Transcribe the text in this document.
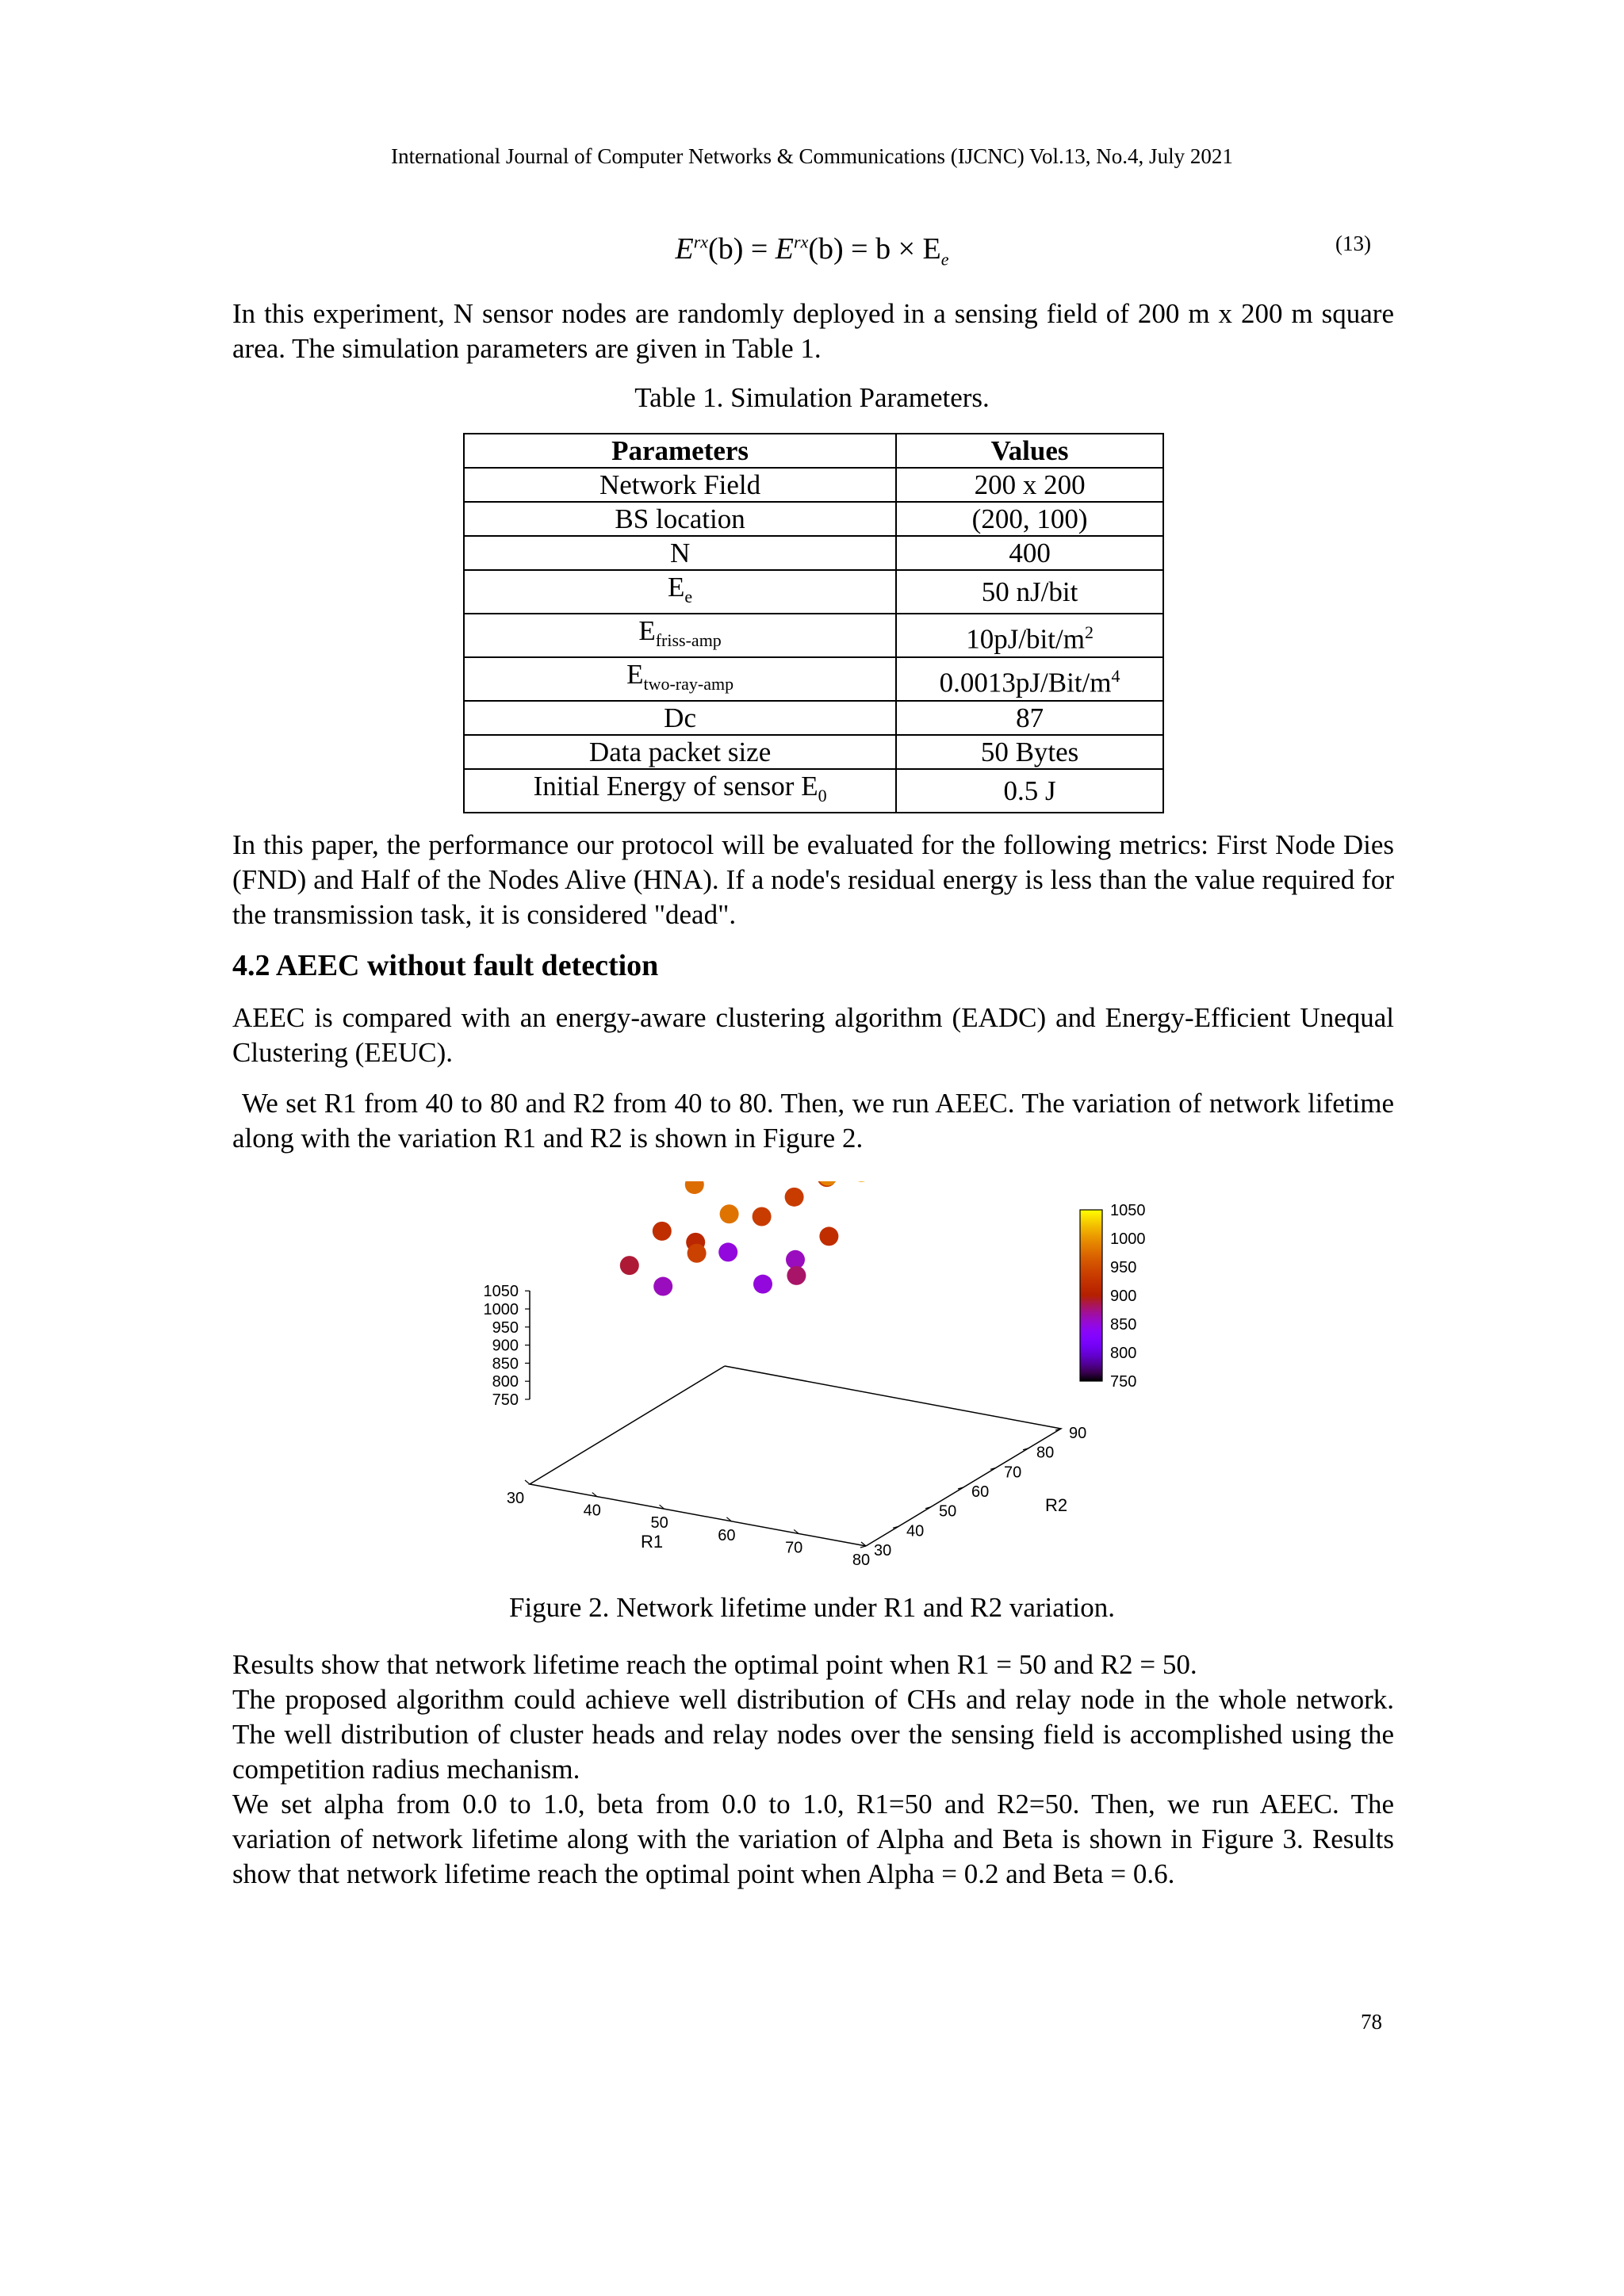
International Journal of Computer Networks & Communications (IJCNC) Vol.13, No.4, July 2021
$E^{rx}(b) = E^{rx}(b) = b \times E_e$
(13)
In this experiment, N sensor nodes are randomly deployed in a sensing field of 200 m x 200 m square area. The simulation parameters are given in Table 1.
Table 1. Simulation Parameters.
Parameters	Values
Network Field	200 x 200
BS location	(200, 100)
N	400
$E_e$	50 nJ/bit
$E_{friss-amp}$	$10pJ/bit/m^2$
$E_{two-ray-amp}$	$0.0013pJ/Bit/m^4$
Dc	87
Data packet size	50 Bytes
Initial Energy of sensor $E_0$	0.5 J
In this paper, the performance our protocol will be evaluated for the following metrics: First Node Dies (FND) and Half of the Nodes Alive (HNA). If a node's residual energy is less than the value required for the transmission task, it is considered "dead".
4.2 AEEC without fault detection
AEEC is compared with an energy-aware clustering algorithm (EADC) and Energy-Efficient Unequal Clustering (EEUC).
We set R1 from 40 to 80 and R2 from 40 to 80. Then, we run AEEC. The variation of network lifetime along with the variation R1 and R2 is shown in Figure 2.
750
800
850
900
950
1000
1050
30
40
50
60
70
80
R1	30
40
50
60
70
80
90
R2
1050
1000
950
900
850
800
750
Figure 2. Network lifetime under R1 and R2 variation.
Results show that network lifetime reach the optimal point when R1 = 50 and R2 = 50.
The proposed algorithm could achieve well distribution of CHs and relay node in the whole network. The well distribution of cluster heads and relay nodes over the sensing field is accomplished using the competition radius mechanism.
We set alpha from 0.0 to 1.0, beta from 0.0 to 1.0, R1=50 and R2=50. Then, we run AEEC. The variation of network lifetime along with the variation of Alpha and Beta is shown in Figure 3. Results show that network lifetime reach the optimal point when Alpha = 0.2 and Beta = 0.6.
78
